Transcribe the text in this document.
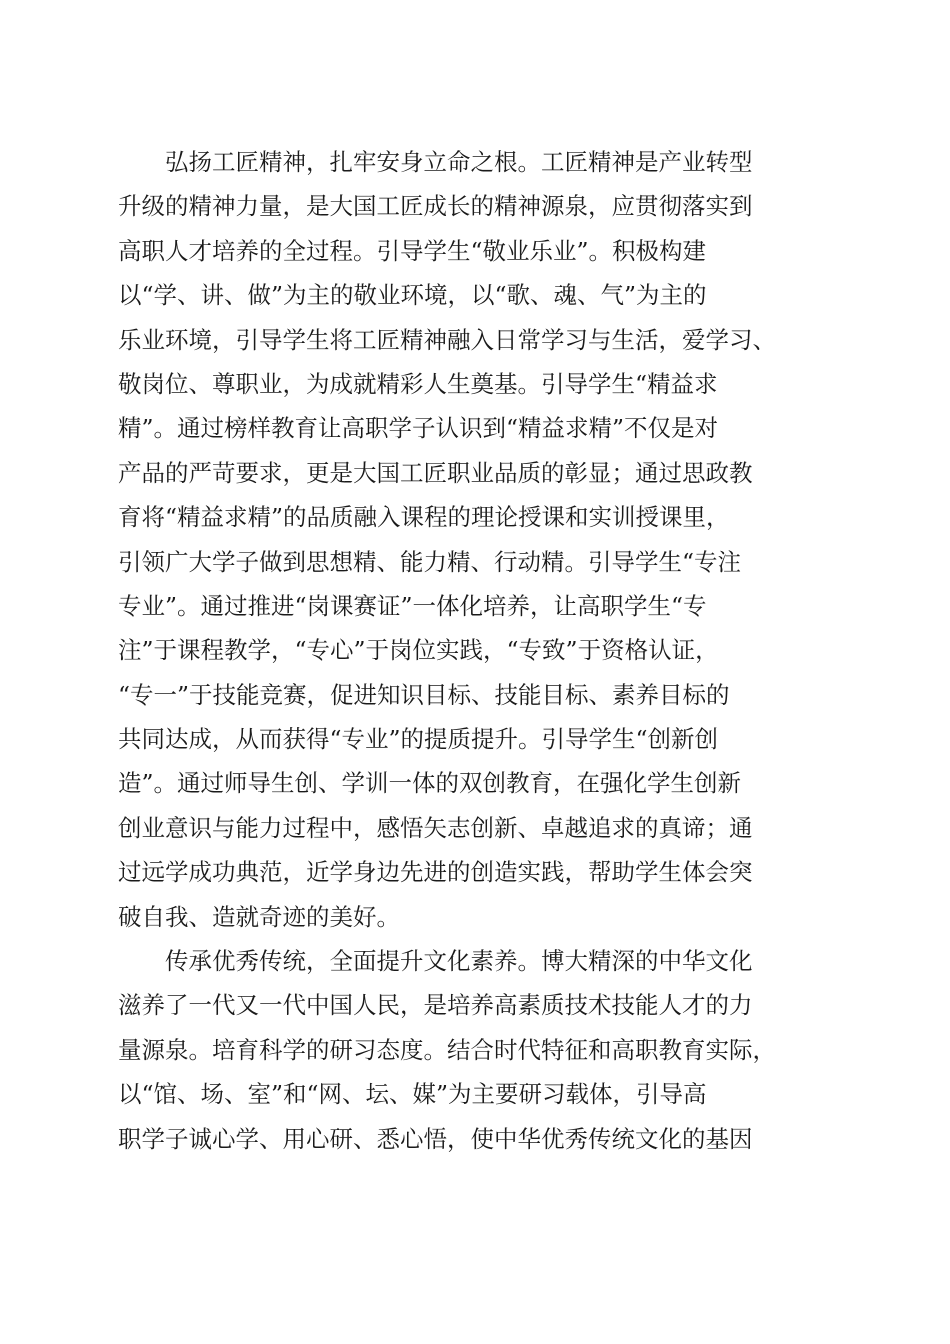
弘扬工匠精神，扎牢安身立命之根。工匠精神是产业转型
升级的精神力量，是大国工匠成长的精神源泉，应贯彻落实到
高职人才培养的全过程。引导学生“敬业乐业”。积极构建
以“学、讲、做”为主的敬业环境，以“歌、魂、气”为主的
乐业环境，引导学生将工匠精神融入日常学习与生活，爱学习、
敬岗位、尊职业，为成就精彩人生奠基。引导学生“精益求
精”。通过榜样教育让高职学子认识到“精益求精”不仅是对
产品的严苛要求，更是大国工匠职业品质的彰显；通过思政教
育将“精益求精”的品质融入课程的理论授课和实训授课里，
引领广大学子做到思想精、能力精、行动精。引导学生“专注
专业”。通过推进“岗课赛证”一体化培养，让高职学生“专
注”于课程教学，“专心”于岗位实践，“专致”于资格认证，
“专一”于技能竞赛，促进知识目标、技能目标、素养目标的
共同达成，从而获得“专业”的提质提升。引导学生“创新创
造”。通过师导生创、学训一体的双创教育，在强化学生创新
创业意识与能力过程中，感悟矢志创新、卓越追求的真谛；通
过远学成功典范，近学身边先进的创造实践，帮助学生体会突
破自我、造就奇迹的美好。
传承优秀传统，全面提升文化素养。博大精深的中华文化
滋养了一代又一代中国人民，是培养高素质技术技能人才的力
量源泉。培育科学的研习态度。结合时代特征和高职教育实际，
以“馆、场、室”和“网、坛、媒”为主要研习载体，引导高
职学子诚心学、用心研、悉心悟，使中华优秀传统文化的基因
